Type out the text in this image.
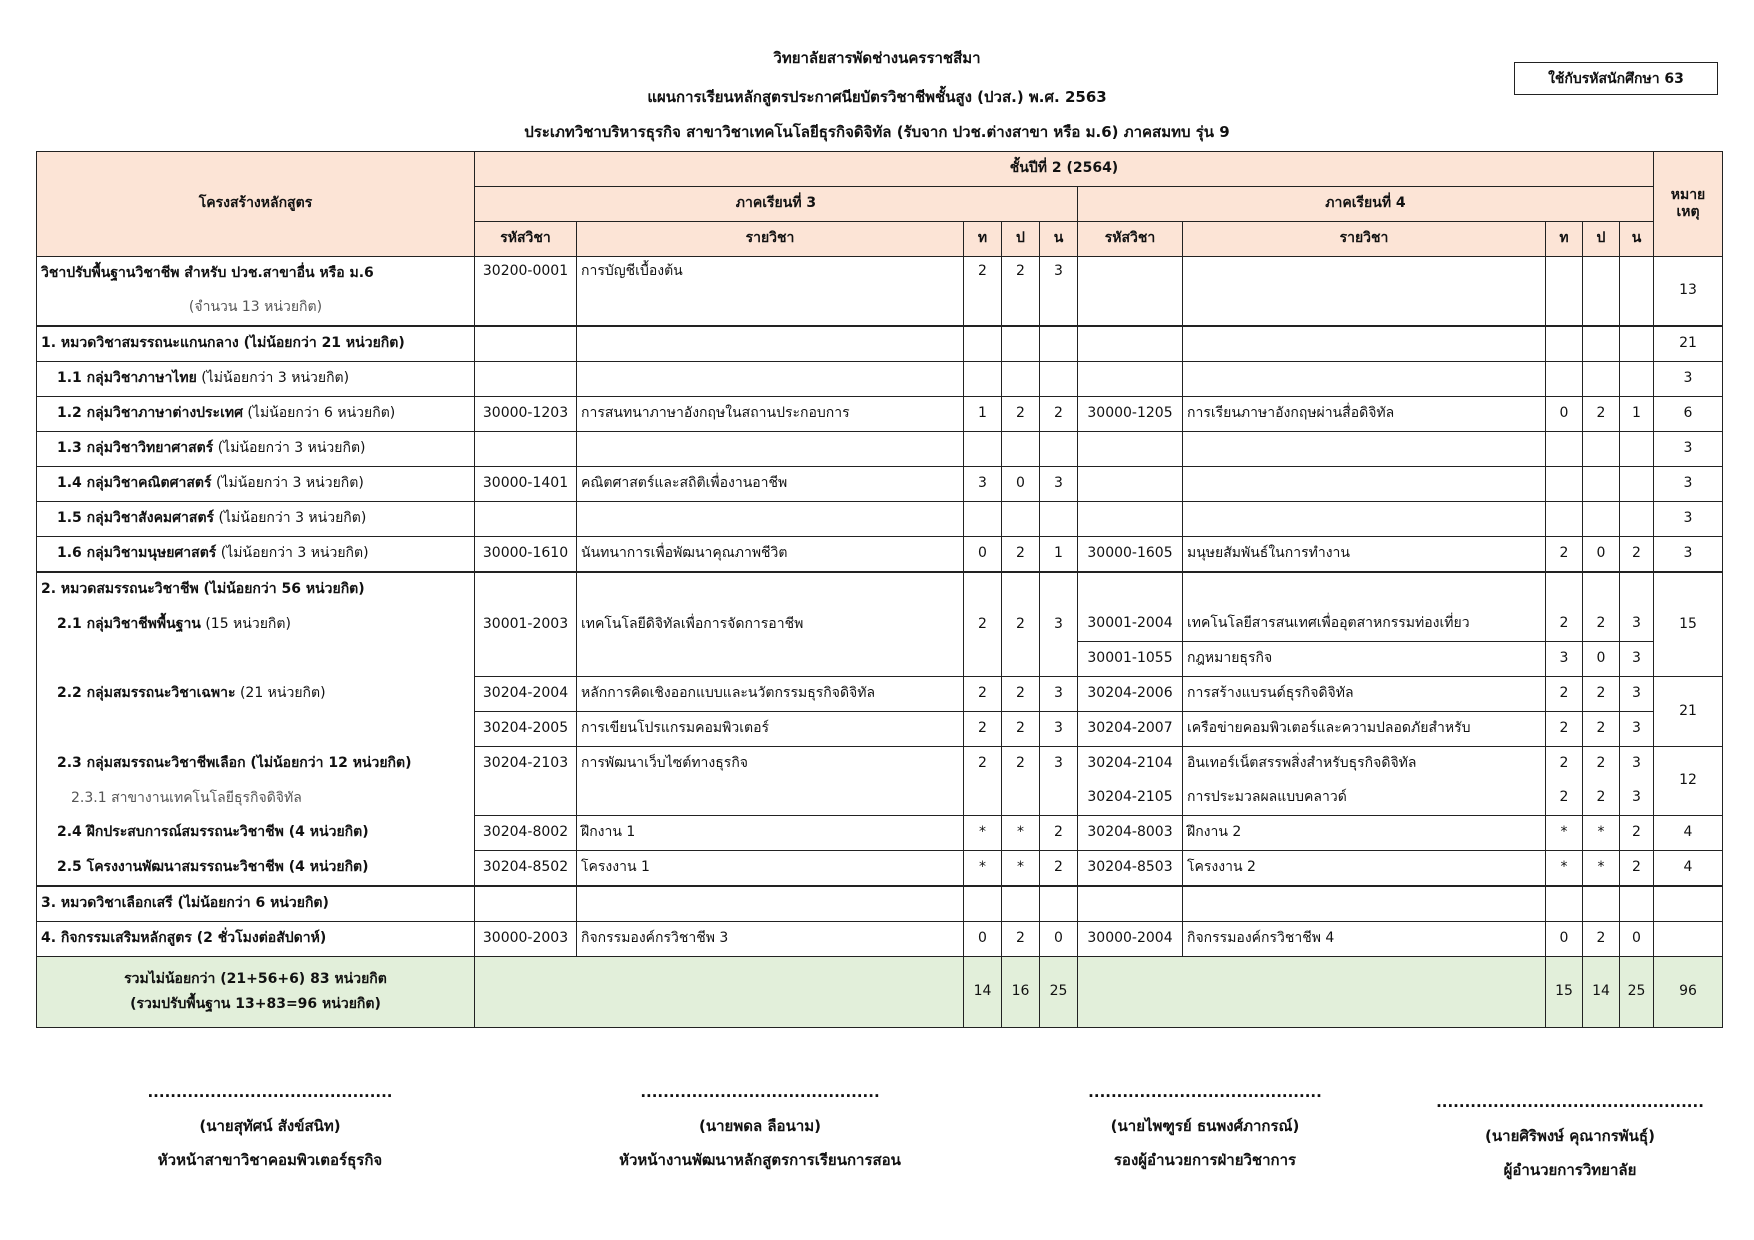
วิทยาลัยสารพัดช่างนครราชสีมา
แผนการเรียนหลักสูตรประกาศนียบัตรวิชาชีพชั้นสูง (ปวส.) พ.ศ. 2563
ประเภทวิชาบริหารธุรกิจ สาขาวิชาเทคโนโลยีธุรกิจดิจิทัล (รับจาก ปวช.ต่างสาขา หรือ ม.6) ภาคสมทบ รุ่น 9
ใช้กับรหัสนักศึกษา 63
โครงสร้างหลักสูตร	ชั้นปีที่ 2 (2564)										หมาย เหตุ
	ภาคเรียนที่ 3					ภาคเรียนที่ 4					
	รหัสวิชา	รายวิชา	ท	ป	น	รหัสวิชา	รายวิชา	ท	ป	น	
วิชาปรับพื้นฐานวิชาชีพ สำหรับ ปวช.สาขาอื่น หรือ ม.6	30200-0001	การบัญชีเบื้องต้น	2	2	3						13
(จำนวน 13 หน่วยกิต)											
1. หมวดวิชาสมรรถนะแกนกลาง (ไม่น้อยกว่า 21 หน่วยกิต)											21
1.1 กลุ่มวิชาภาษาไทย (ไม่น้อยกว่า 3 หน่วยกิต)											3
1.2 กลุ่มวิชาภาษาต่างประเทศ (ไม่น้อยกว่า 6 หน่วยกิต)	30000-1203	การสนทนาภาษาอังกฤษในสถานประกอบการ	1	2	2	30000-1205	การเรียนภาษาอังกฤษผ่านสื่อดิจิทัล	0	2	1	6
1.3 กลุ่มวิชาวิทยาศาสตร์ (ไม่น้อยกว่า 3 หน่วยกิต)											3
1.4 กลุ่มวิชาคณิตศาสตร์ (ไม่น้อยกว่า 3 หน่วยกิต)	30000-1401	คณิตศาสตร์และสถิติเพื่องานอาชีพ	3	0	3						3
1.5 กลุ่มวิชาสังคมศาสตร์ (ไม่น้อยกว่า 3 หน่วยกิต)											3
1.6 กลุ่มวิชามนุษยศาสตร์ (ไม่น้อยกว่า 3 หน่วยกิต)	30000-1610	นันทนาการเพื่อพัฒนาคุณภาพชีวิต	0	2	1	30000-1605	มนุษยสัมพันธ์ในการทำงาน	2	0	2	3
2. หมวดสมรรถนะวิชาชีพ (ไม่น้อยกว่า 56 หน่วยกิต)	30001-2003	เทคโนโลยีดิจิทัลเพื่อการจัดการอาชีพ	2	2	3						15
2.1 กลุ่มวิชาชีพพื้นฐาน (15 หน่วยกิต)						30001-2004	เทคโนโลยีสารสนเทศเพื่ออุตสาหกรรมท่องเที่ยว	2	2	3	
						30001-1055	กฎหมายธุรกิจ	3	0	3	
2.2 กลุ่มสมรรถนะวิชาเฉพาะ (21 หน่วยกิต)	30204-2004	หลักการคิดเชิงออกแบบและนวัตกรรมธุรกิจดิจิทัล	2	2	3	30204-2006	การสร้างแบรนด์ธุรกิจดิจิทัล	2	2	3	21
	30204-2005	การเขียนโปรแกรมคอมพิวเตอร์	2	2	3	30204-2007	เครือข่ายคอมพิวเตอร์และความปลอดภัยสำหรับ	2	2	3	
2.3 กลุ่มสมรรถนะวิชาชีพเลือก (ไม่น้อยกว่า 12 หน่วยกิต)	30204-2103	การพัฒนาเว็บไซต์ทางธุรกิจ	2	2	3	30204-2104	อินเทอร์เน็ตสรรพสิ่งสำหรับธุรกิจดิจิทัล	2	2	3	12
2.3.1 สาขางานเทคโนโลยีธุรกิจดิจิทัล						30204-2105	การประมวลผลแบบคลาวด์	2	2	3	
2.4 ฝึกประสบการณ์สมรรถนะวิชาชีพ (4 หน่วยกิต)	30204-8002	ฝึกงาน 1	*	*	2	30204-8003	ฝึกงาน 2	*	*	2	4
2.5 โครงงานพัฒนาสมรรถนะวิชาชีพ (4 หน่วยกิต)	30204-8502	โครงงาน 1	*	*	2	30204-8503	โครงงาน 2	*	*	2	4
3. หมวดวิชาเลือกเสรี (ไม่น้อยกว่า 6 หน่วยกิต)											
4. กิจกรรมเสริมหลักสูตร (2 ชั่วโมงต่อสัปดาห์)	30000-2003	กิจกรรมองค์กรวิชาชีพ 3	0	2	0	30000-2004	กิจกรรมองค์กรวิชาชีพ 4	0	2	0	

รวมไม่น้อยกว่า (21+56+6) 83 หน่วยกิต
(รวมปรับพื้นฐาน 13+83=96 หน่วยกิต)			14	16	25			15	14	25	96
...........................................
(นายสุทัศน์ สังข์สนิท)
หัวหน้าสาขาวิชาคอมพิวเตอร์ธุรกิจ
..........................................
(นายพดล ลือนาม)
หัวหน้างานพัฒนาหลักสูตรการเรียนการสอน
.........................................
(นายไพฑูรย์ ธนพงศ์ภากรณ์)
รองผู้อำนวยการฝ่ายวิชาการ
...............................................
(นายศิริพงษ์ คุณากรพันธุ์)
ผู้อำนวยการวิทยาลัย
